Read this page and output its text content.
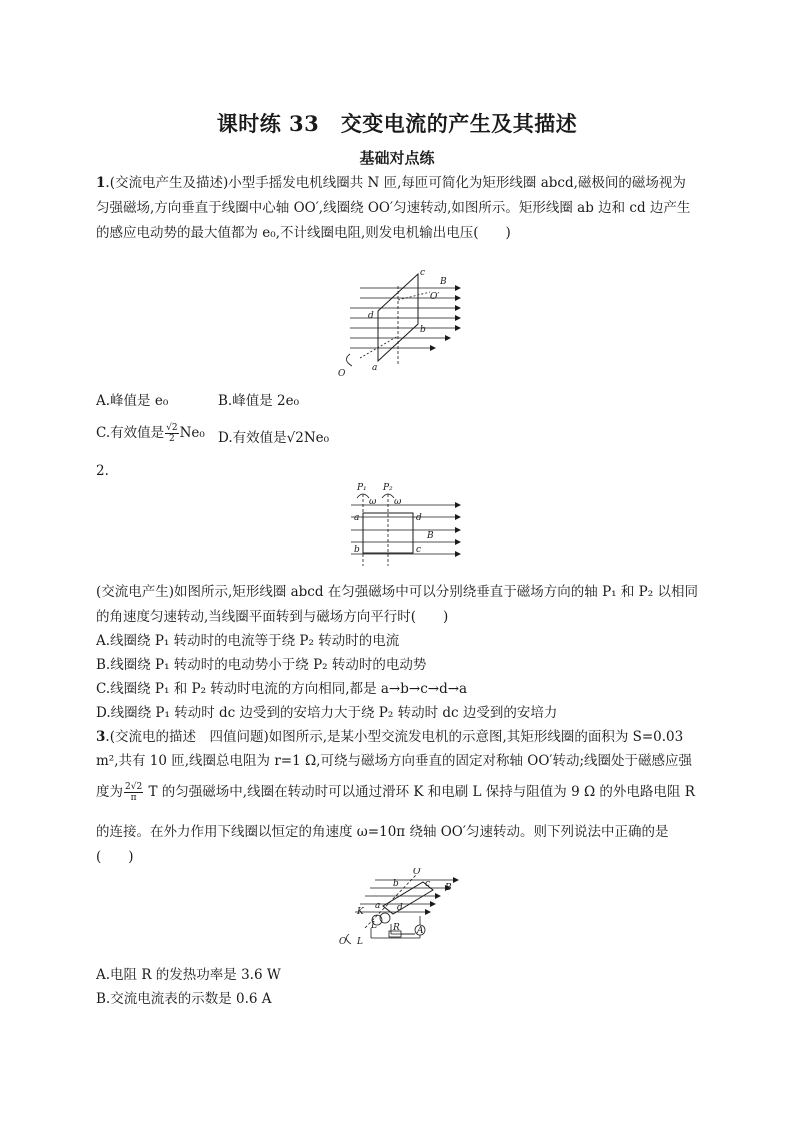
课时练 33　交变电流的产生及其描述
基础对点练
1.(交流电产生及描述)小型手摇发电机线圈共 N 匝,每匝可简化为矩形线圈 abcd,磁极间的磁场视为
匀强磁场,方向垂直于线圈中心轴 OO′,线圈绕 OO′匀速转动,如图所示。矩形线圈 ab 边和 cd 边产生
的感应电动势的最大值都为 e₀,不计线圈电阻,则发电机输出电压(　　)
c
B
O′
d
b
O
a
A.峰值是 e₀	B.峰值是 2e₀
C.有效值是 $\frac{√2}{2} Ne_0$ D.有效值是√2Ne₀
2.
P₁ P₂
ω ω
a	d
B
b	c
(交流电产生)如图所示,矩形线圈 abcd 在匀强磁场中可以分别绕垂直于磁场方向的轴 P₁ 和 P₂ 以相同
的角速度匀速转动,当线圈平面转到与磁场方向平行时(　　)
A.线圈绕 P₁ 转动时的电流等于绕 P₂ 转动时的电流
B.线圈绕 P₁ 转动时的电动势小于绕 P₂ 转动时的电动势
C.线圈绕 P₁ 和 P₂ 转动时电流的方向相同,都是 a→b→c→d→a
D.线圈绕 P₁ 转动时 dc 边受到的安培力大于绕 P₂ 转动时 dc 边受到的安培力
3.(交流电的描述　四值问题)如图所示,是某小型交流发电机的示意图,其矩形线圈的面积为 S=0.03
m²,共有 10 匝,线圈总电阻为 r=1 Ω,可绕与磁场方向垂直的固定对称轴 OO′转动;线圈处于磁感应强
度为 $\frac{2√2}{\pi}$ T 的匀强磁场中,线圈在转动时可以通过滑环 K 和电刷 L 保持与阻值为 9 Ω 的外电路电阻 R
的连接。在外力作用下线圈以恒定的角速度 ω=10π 绕轴 OO′匀速转动。则下列说法中正确的是
(　　)
O′
b	c B
K
a d
L R A
O L
A.电阻 R 的发热功率是 3.6 W
B.交流电流表的示数是 0.6 A
